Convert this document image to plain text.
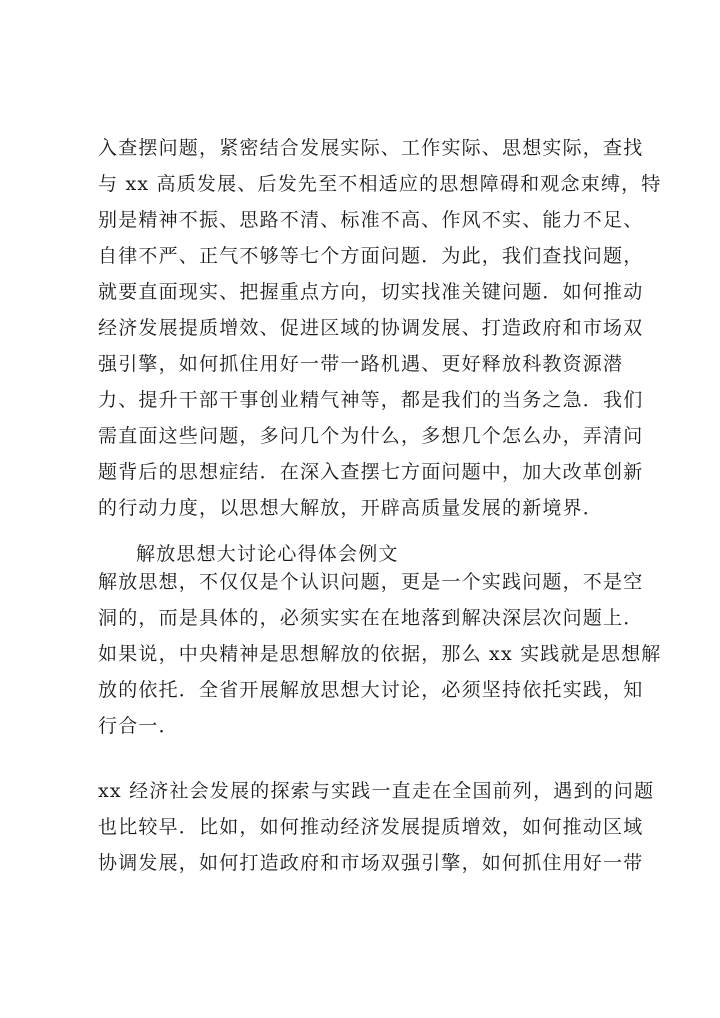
入查摆问题，紧密结合发展实际、工作实际、思想实际，查找
与 xx 高质发展、后发先至不相适应的思想障碍和观念束缚，特
别是精神不振、思路不清、标准不高、作风不实、能力不足、
自律不严、正气不够等七个方面问题．为此，我们查找问题，
就要直面现实、把握重点方向，切实找准关键问题．如何推动
经济发展提质增效、促进区域的协调发展、打造政府和市场双
强引擎，如何抓住用好一带一路机遇、更好释放科教资源潜
力、提升干部干事创业精气神等，都是我们的当务之急．我们
需直面这些问题，多问几个为什么，多想几个怎么办，弄清问
题背后的思想症结．在深入查摆七方面问题中，加大改革创新
的行动力度，以思想大解放，开辟高质量发展的新境界．
解放思想大讨论心得体会例文
解放思想，不仅仅是个认识问题，更是一个实践问题，不是空
洞的，而是具体的，必须实实在在地落到解决深层次问题上．
如果说，中央精神是思想解放的依据，那么 xx 实践就是思想解
放的依托．全省开展解放思想大讨论，必须坚持依托实践，知
行合一．
xx 经济社会发展的探索与实践一直走在全国前列，遇到的问题
也比较早．比如，如何推动经济发展提质增效，如何推动区域
协调发展，如何打造政府和市场双强引擎，如何抓住用好一带
